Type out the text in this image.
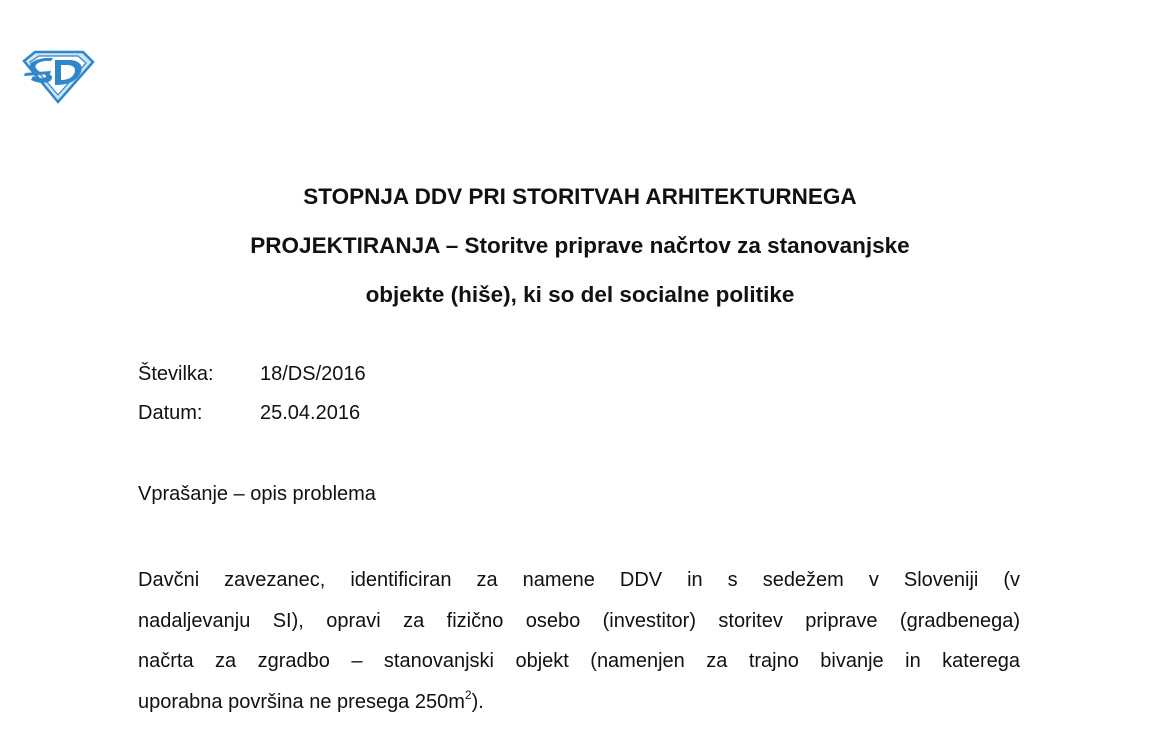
STOPNJA DDV PRI STORITVAH ARHITEKTURNEGA
PROJEKTIRANJA – Storitve priprave načrtov za stanovanjske
objekte (hiše), ki so del socialne politike
Številka: 18/DS/2016
Datum:	25.04.2016
Vprašanje – opis problema
Davčni zavezanec, identificiran za namene DDV in s sedežem v Sloveniji (v
nadaljevanju SI), opravi za fizično osebo (investitor) storitev priprave (gradbenega)
načrta za zgradbo – stanovanjski objekt (namenjen za trajno bivanje in katerega
uporabna površina ne presega $250m^2$).
